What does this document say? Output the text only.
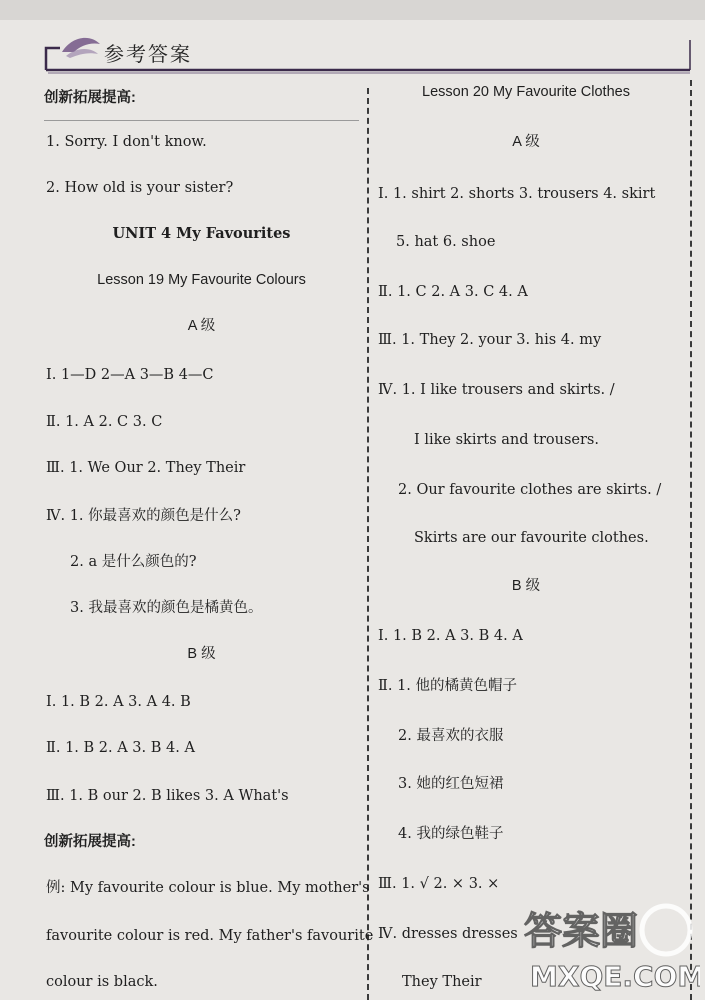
参考答案
创新拓展提高:
1. Sorry. I don't know.
2. How old is your sister?
UNIT 4 My Favourites
Lesson 19 My Favourite Colours
A 级
Ⅰ. 1—D 2—A 3—B 4—C
Ⅱ. 1. A 2. C 3. C
Ⅲ. 1. We Our 2. They Their
Ⅳ. 1. 你最喜欢的颜色是什么?
2. a 是什么颜色的?
3. 我最喜欢的颜色是橘黄色。
B 级
Ⅰ. 1. B 2. A 3. A 4. B
Ⅱ. 1. B 2. A 3. B 4. A
Ⅲ. 1. B our 2. B likes 3. A What's
创新拓展提高:
例: My favourite colour is blue. My mother's
favourite colour is red. My father's favourite
colour is black.
Lesson 20 My Favourite Clothes
A 级
Ⅰ. 1. shirt 2. shorts 3. trousers 4. skirt
5. hat 6. shoe
Ⅱ. 1. C 2. A 3. C 4. A
Ⅲ. 1. They 2. your 3. his 4. my
Ⅳ. 1. I like trousers and skirts. /
I like skirts and trousers.
2. Our favourite clothes are skirts. /
Skirts are our favourite clothes.
B 级
Ⅰ. 1. B 2. A 3. B 4. A
Ⅱ. 1. 他的橘黄色帽子
2. 最喜欢的衣服
3. 她的红色短裙
4. 我的绿色鞋子
Ⅲ. 1. √ 2. × 3. ×
Ⅳ. dresses dresses
They Their
答案圈
MXQE.COM
